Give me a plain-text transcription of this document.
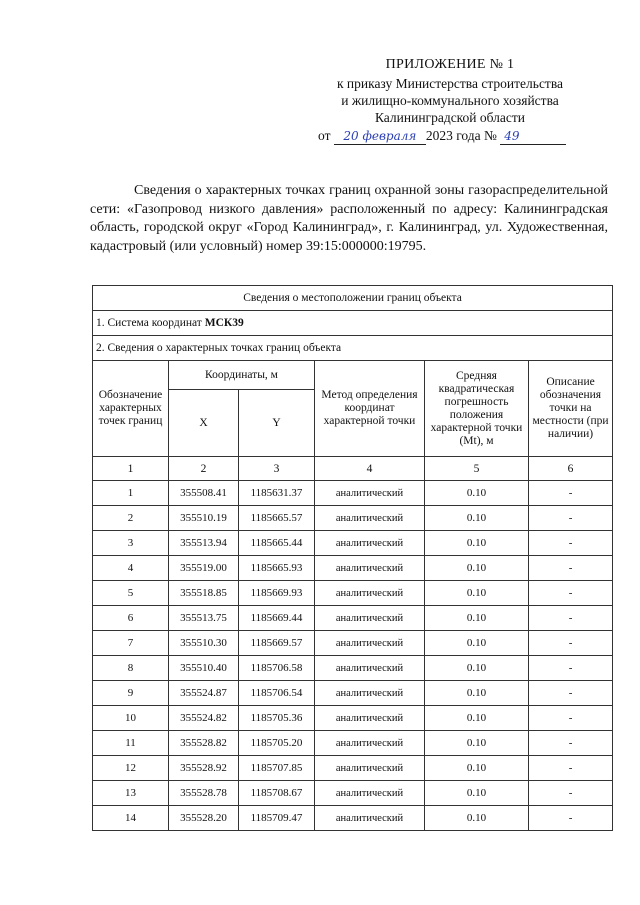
ПРИЛОЖЕНИЕ № 1
к приказу Министерства строительства
и жилищно-коммунального хозяйства
Калининградской области
от 20 февраля 2023 года № 49
Сведения о характерных точках границ охранной зоны газораспределительной сети: «Газопровод низкого давления» расположенный по адресу: Калининградская область, городской округ «Город Калининград», г. Калининград, ул. Художественная, кадастровый (или условный) номер 39:15:000000:19795.
Сведения о местоположении границ объекта					
1. Система координат МСК39					
2. Сведения о характерных точках границ объекта					
Обозначение характерных точек границ	Координаты, м		Метод определения координат характерной точки	Средняя квадратическая погрешность положения характерной точки (Mt), м	Описание обозначения точки на местности (при наличии)
	X	Y			
1	2	3	4	5	6
1	355508.41	1185631.37	аналитический	0.10	-
2	355510.19	1185665.57	аналитический	0.10	-
3	355513.94	1185665.44	аналитический	0.10	-
4	355519.00	1185665.93	аналитический	0.10	-
5	355518.85	1185669.93	аналитический	0.10	-
6	355513.75	1185669.44	аналитический	0.10	-
7	355510.30	1185669.57	аналитический	0.10	-
8	355510.40	1185706.58	аналитический	0.10	-
9	355524.87	1185706.54	аналитический	0.10	-
10	355524.82	1185705.36	аналитический	0.10	-
11	355528.82	1185705.20	аналитический	0.10	-
12	355528.92	1185707.85	аналитический	0.10	-
13	355528.78	1185708.67	аналитический	0.10	-
14	355528.20	1185709.47	аналитический	0.10	-
